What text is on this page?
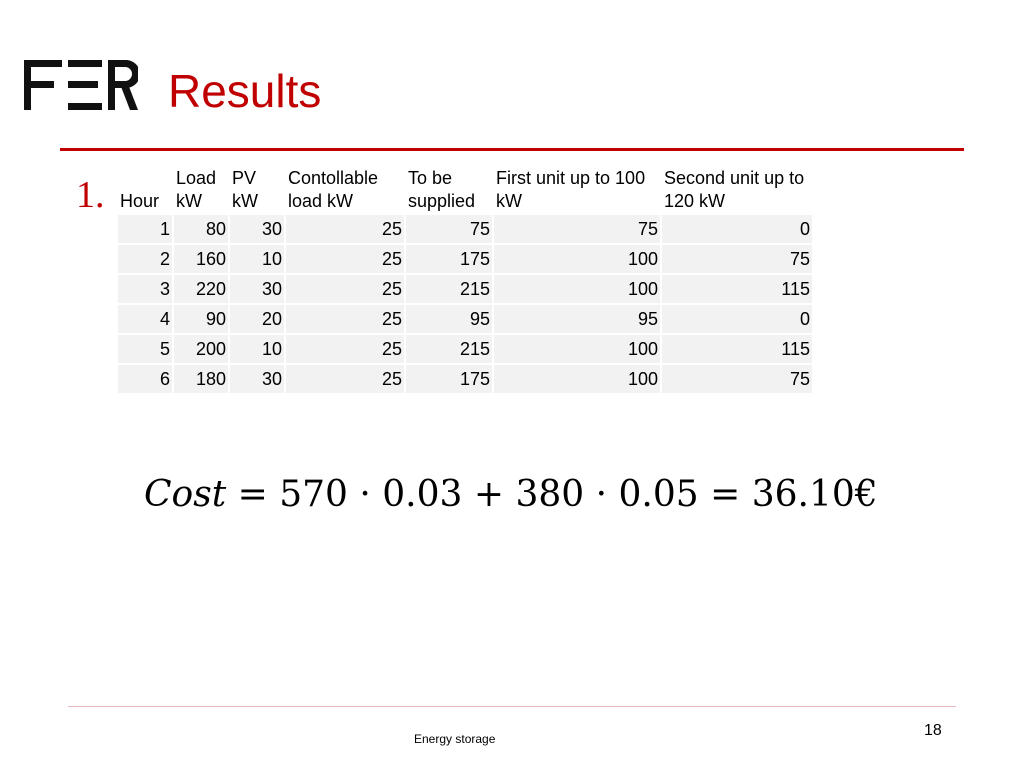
Results
1. Hour	Load kW	PV kW	Contollable load kW	To be supplied	First unit up to 100 kW	Second unit up to 120 kW
1	80	30	25	75	75	0
2	160	10	25	175	100	75
3	220	30	25	215	100	115
4	90	20	25	95	95	0
5	200	10	25	215	100	115
6	180	30	25	175	100	75
Cost = 570 · 0.03 + 380 · 0.05 = 36.10€
Energy storage	18
